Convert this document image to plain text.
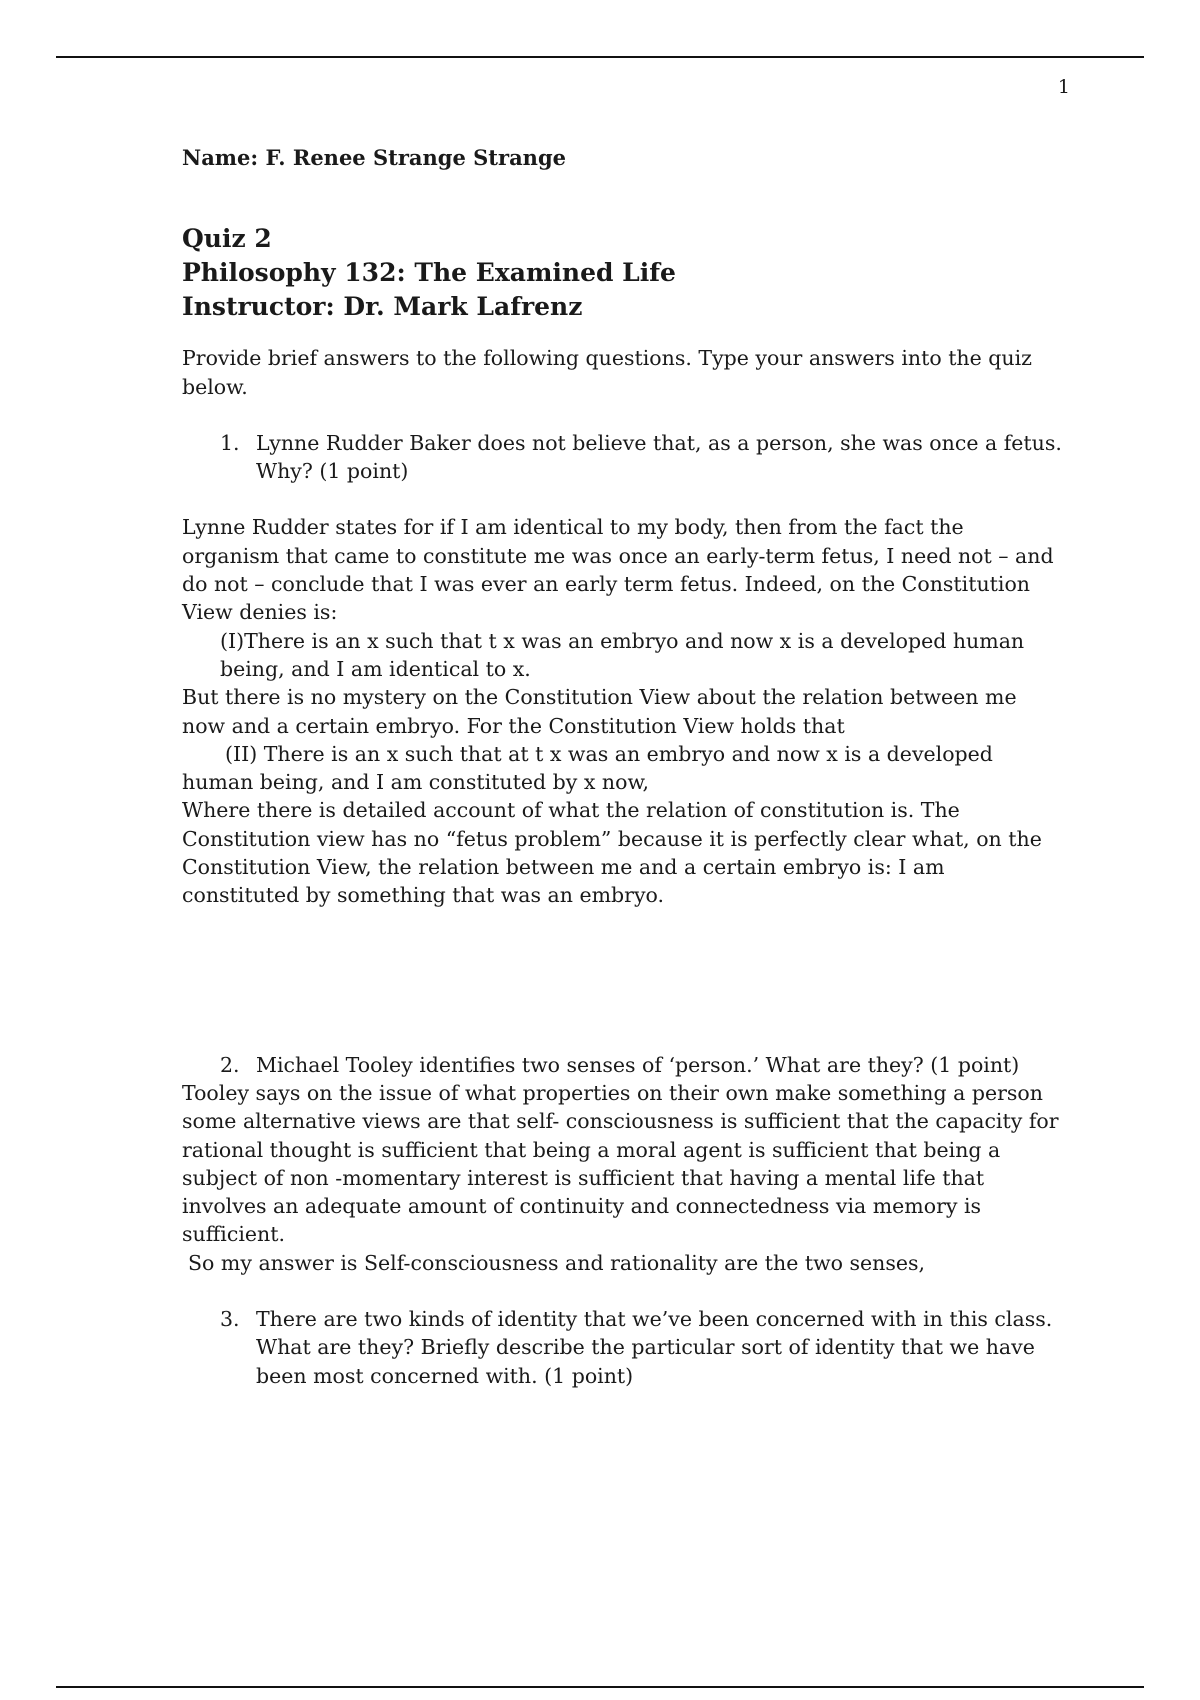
1

Name: F. Renee Strange Strange

Quiz 2
Philosophy 132: The Examined Life
Instructor: Dr. Mark Lafrenz

Provide brief answers to the following questions. Type your answers into the quiz below.

1. Lynne Rudder Baker does not believe that, as a person, she was once a fetus. Why? (1 point)

Lynne Rudder states for if I am identical to my body, then from the fact the organism that came to constitute me was once an early-term fetus, I need not – and do not – conclude that I was ever an early term fetus. Indeed, on the Constitution View denies is:

(I)There is an x such that t x was an embryo and now x is a developed human being, and I am identical to x.

But there is no mystery on the Constitution View about the relation between me now and a certain embryo. For the Constitution View holds that

(II) There is an x such that at t x was an embryo and now x is a developed human being, and I am constituted by x now,

Where there is detailed account of what the relation of constitution is. The Constitution view has no “fetus problem” because it is perfectly clear what, on the Constitution View, the relation between me and a certain embryo is: I am constituted by something that was an embryo.

2. Michael Tooley identifies two senses of ‘person.’ What are they? (1 point)

Tooley says on the issue of what properties on their own make something a person some alternative views are that self- consciousness is sufficient that the capacity for rational thought is sufficient that being a moral agent is sufficient that being a subject of non -momentary interest is sufficient that having a mental life that involves an adequate amount of continuity and connectedness via memory is sufficient.

So my answer is Self-consciousness and rationality are the two senses,

3. There are two kinds of identity that we’ve been concerned with in this class. What are they? Briefly describe the particular sort of identity that we have been most concerned with. (1 point)
